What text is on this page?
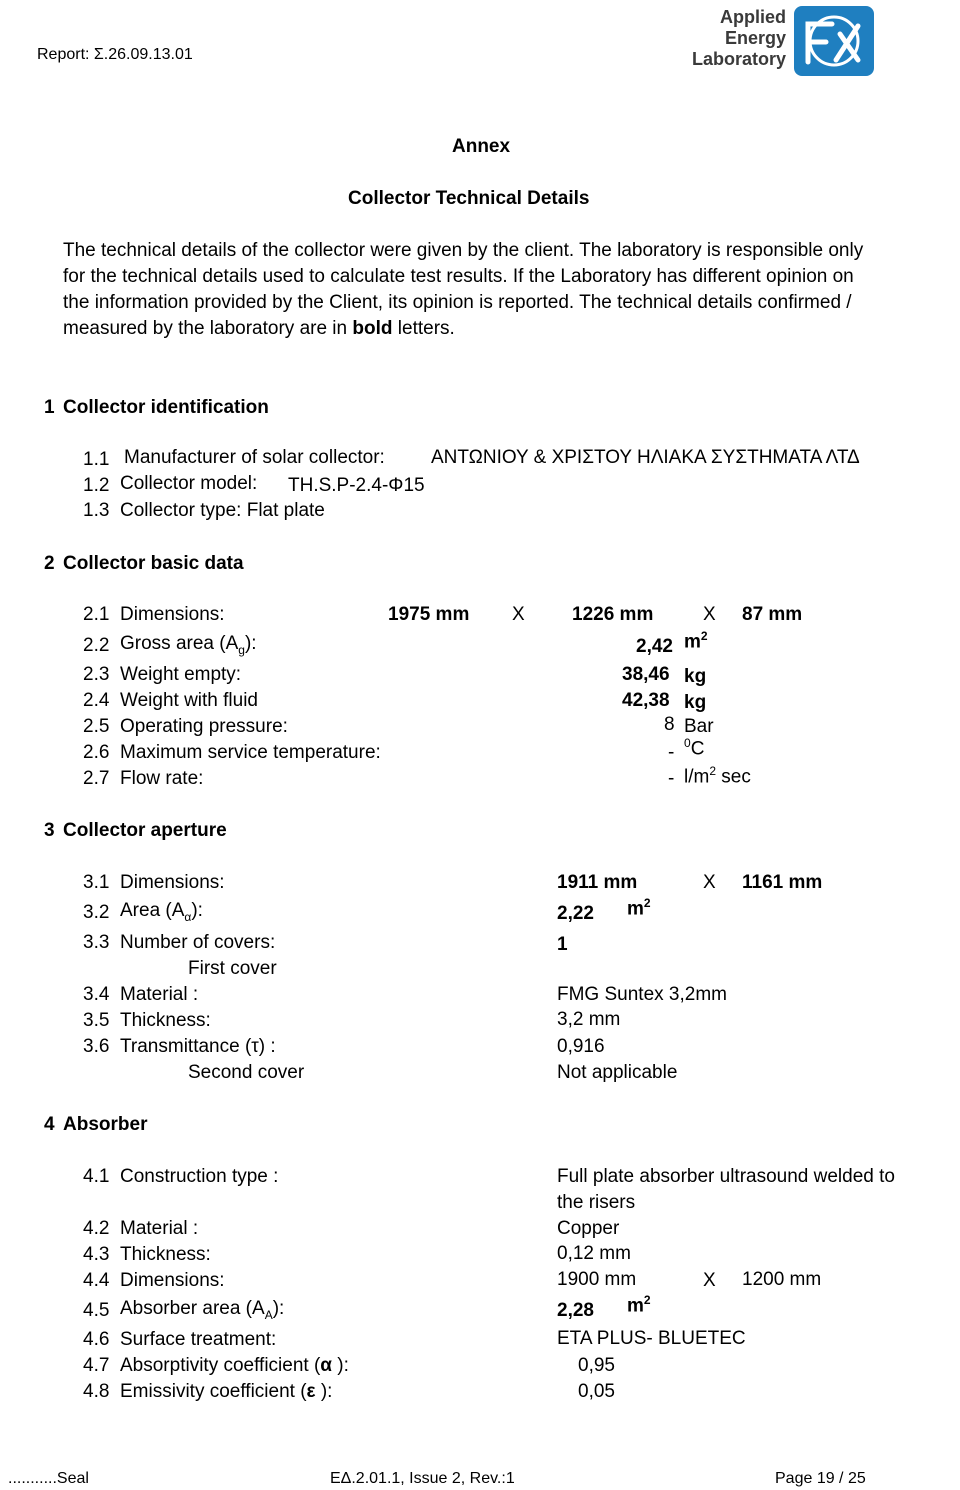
Report: Σ.26.09.13.01
Applied
Energy
Laboratory
Annex
Collector Technical Details

The technical details of the collector were given by the client. The laboratory is responsible only

for the technical details used to calculate test results. If the Laboratory has different opinion on

the information provided by the Client, its opinion is reported. The technical details confirmed /

measured by the laboratory are in bold letters.

1 Collector identification
1.1 Manufacturer of solar collector: ΑΝΤΩΝΙΟΥ & ΧΡΙΣΤΟΥ ΗΛΙΑΚΑ ΣΥΣΤΗΜΑΤΑ ΛΤΔ
1.2 Collector model: TH.S.P-2.4-Φ15
1.3 Collector type: Flat plate
2 Collector basic data
2.1 Dimensions:	1975 mm X 1226 mm	X 87 mm
2.2 Gross area $(A_g)$:	2,42 $m^2$
2.3 Weight empty:	38,46 kg
2.4 Weight with fluid	42,38 kg
2.5 Operating pressure:	8 Bar
2.6 Maximum service temperature:	- $^0$C
2.7 Flow rate:	- $l/m^2$ sec
3 Collector aperture
3.1 Dimensions:	1911 mm	X 1161 mm
3.2 Area $(A_\alpha)$:	2,22 $m^2$
3.3 Number of covers:	1
First cover
3.4 Material :	FMG Suntex 3,2mm
3.5 Thickness:	3,2 mm
3.6 Transmittance (τ) :	0,916
Second cover	Not applicable
4 Absorber
4.1 Construction type :	Full plate absorber ultrasound welded to
the risers
4.2 Material :	Copper
4.3 Thickness:	0,12 mm
4.4 Dimensions:	1900 mm	X 1200 mm
4.5 Absorber area $(A_A)$:	2,28 $m^2$
4.6 Surface treatment:	ETA PLUS- BLUETEC
4.7 Absorptivity coefficient (α ):	0,95
4.8 Emissivity coefficient (ε ):	0,05
...........Seal	ΕΔ.2.01.1, Issue 2, Rev.:1	Page 19 / 25
